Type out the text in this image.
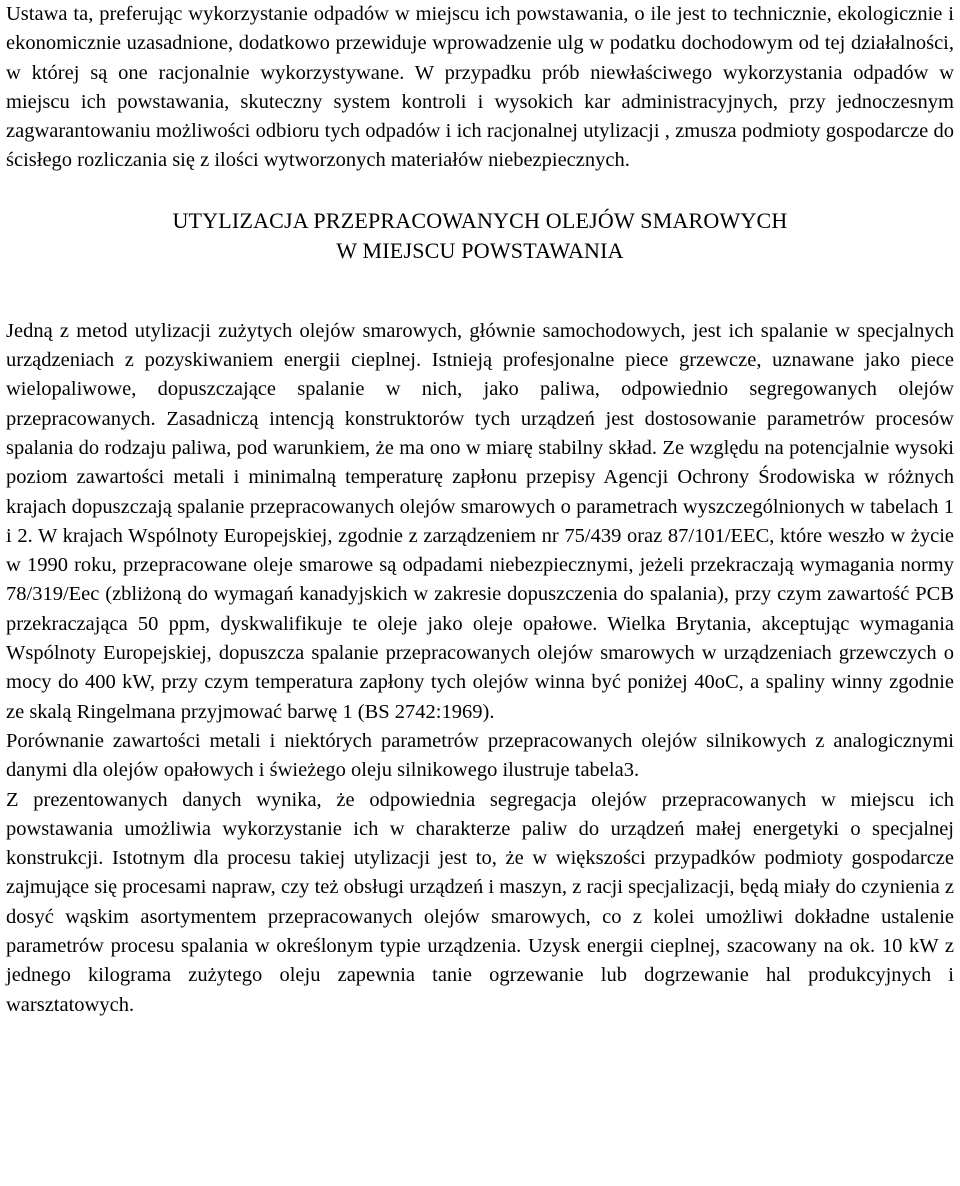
Ustawa ta, preferując wykorzystanie odpadów w miejscu ich powstawania, o ile jest to technicznie, ekologicznie i ekonomicznie uzasadnione, dodatkowo przewiduje wprowadzenie ulg w podatku dochodowym od tej działalności, w której są one racjonalnie wykorzystywane. W przypadku prób niewłaściwego wykorzystania odpadów w miejscu ich powstawania, skuteczny system kontroli i wysokich kar administracyjnych, przy jednoczesnym zagwarantowaniu możliwości odbioru tych odpadów i ich racjonalnej utylizacji , zmusza podmioty gospodarcze do ścisłego rozliczania się z ilości wytworzonych materiałów niebezpiecznych.

UTYLIZACJA PRZEPRACOWANYCH OLEJÓW SMAROWYCH
W MIEJSCU POWSTAWANIA

Jedną z metod utylizacji zużytych olejów smarowych, głównie samochodowych, jest ich spalanie w specjalnych urządzeniach z pozyskiwaniem energii cieplnej. Istnieją profesjonalne piece grzewcze, uznawane jako piece wielopaliwowe, dopuszczające spalanie w nich, jako paliwa, odpowiednio segregowanych olejów przepracowanych. Zasadniczą intencją konstruktorów tych urządzeń jest dostosowanie parametrów procesów spalania do rodzaju paliwa, pod warunkiem, że ma ono w miarę stabilny skład. Ze względu na potencjalnie wysoki poziom zawartości metali i minimalną temperaturę zapłonu przepisy Agencji Ochrony Środowiska w różnych krajach dopuszczają spalanie przepracowanych olejów smarowych o parametrach wyszczególnionych w tabelach 1 i 2. W krajach Wspólnoty Europejskiej, zgodnie z zarządzeniem nr 75/439 oraz 87/101/EEC, które weszło w życie w 1990 roku, przepracowane oleje smarowe są odpadami niebezpiecznymi, jeżeli przekraczają wymagania normy 78/319/Eec (zbliżoną do wymagań kanadyjskich w zakresie dopuszczenia do spalania), przy czym zawartość PCB przekraczająca 50 ppm, dyskwalifikuje te oleje jako oleje opałowe. Wielka Brytania, akceptując wymagania Wspólnoty Europejskiej, dopuszcza spalanie przepracowanych olejów smarowych w urządzeniach grzewczych o mocy do 400 kW, przy czym temperatura zapłony tych olejów winna być poniżej 40oC, a spaliny winny zgodnie ze skalą Ringelmana przyjmować barwę 1 (BS 2742:1969).

Porównanie zawartości metali i niektórych parametrów przepracowanych olejów silnikowych z analogicznymi danymi dla olejów opałowych i świeżego oleju silnikowego ilustruje tabela3.

Z prezentowanych danych wynika, że odpowiednia segregacja olejów przepracowanych w miejscu ich powstawania umożliwia wykorzystanie ich w charakterze paliw do urządzeń małej energetyki o specjalnej konstrukcji. Istotnym dla procesu takiej utylizacji jest to, że w większości przypadków podmioty gospodarcze zajmujące się procesami napraw, czy też obsługi urządzeń i maszyn, z racji specjalizacji, będą miały do czynienia z dosyć wąskim asortymentem przepracowanych olejów smarowych, co z kolei umożliwi dokładne ustalenie parametrów procesu spalania w określonym typie urządzenia. Uzysk energii cieplnej, szacowany na ok. 10 kW z jednego kilograma zużytego oleju zapewnia tanie ogrzewanie lub dogrzewanie hal produkcyjnych i warsztatowych.
